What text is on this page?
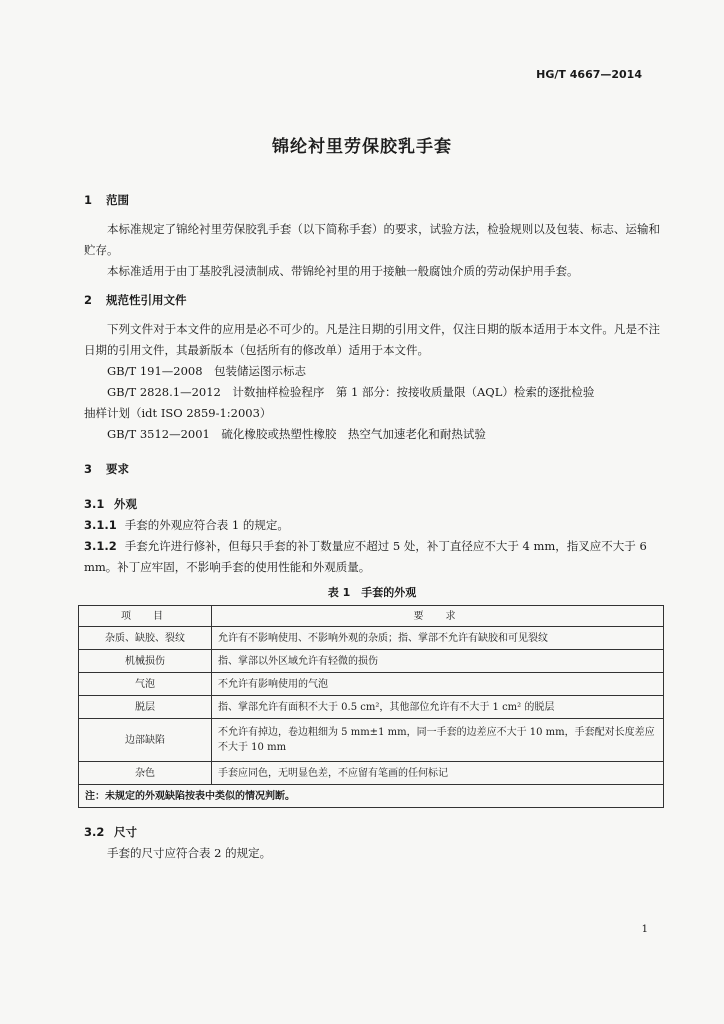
HG/T 4667—2014
锦纶衬里劳保胶乳手套

1 范围

本标准规定了锦纶衬里劳保胶乳手套（以下简称手套）的要求，试验方法，检验规则以及包装、标志、运输和贮存。

本标准适用于由丁基胶乳浸渍制成、带锦纶衬里的用于接触一般腐蚀介质的劳动保护用手套。

2 规范性引用文件

下列文件对于本文件的应用是必不可少的。凡是注日期的引用文件，仅注日期的版本适用于本文件。凡是不注日期的引用文件，其最新版本（包括所有的修改单）适用于本文件。

GB/T 191—2008　包装储运图示标志

GB/T 2828.1—2012　计数抽样检验程序　第 1 部分：按接收质量限（AQL）检索的逐批检验

抽样计划（idt ISO 2859-1:2003）

GB/T 3512—2001　硫化橡胶或热塑性橡胶　热空气加速老化和耐热试验

3 要求

3.1 外观

3.1.1 手套的外观应符合表 1 的规定。

3.1.2 手套允许进行修补，但每只手套的补丁数量应不超过 5 处，补丁直径应不大于 4 mm，指叉应不大于 6 mm。补丁应牢固，不影响手套的使用性能和外观质量。

表 1　手套的外观
项　目	要　求
杂质、缺胶、裂纹	允许有不影响使用、不影响外观的杂质；指、掌部不允许有缺胶和可见裂纹
机械损伤	指、掌部以外区域允许有轻微的损伤
气泡	不允许有影响使用的气泡
脱层	指、掌部允许有面积不大于 0.5 cm²，其他部位允许有不大于 1 cm² 的脱层
边部缺陷	不允许有掉边，卷边粗细为 5 mm±1 mm，同一手套的边差应不大于 10 mm，手套配对长度差应不大于 10 mm
杂色	手套应同色，无明显色差，不应留有笔画的任何标记
注：未规定的外观缺陷按表中类似的情况判断。	

3.2 尺寸

手套的尺寸应符合表 2 的规定。

1
